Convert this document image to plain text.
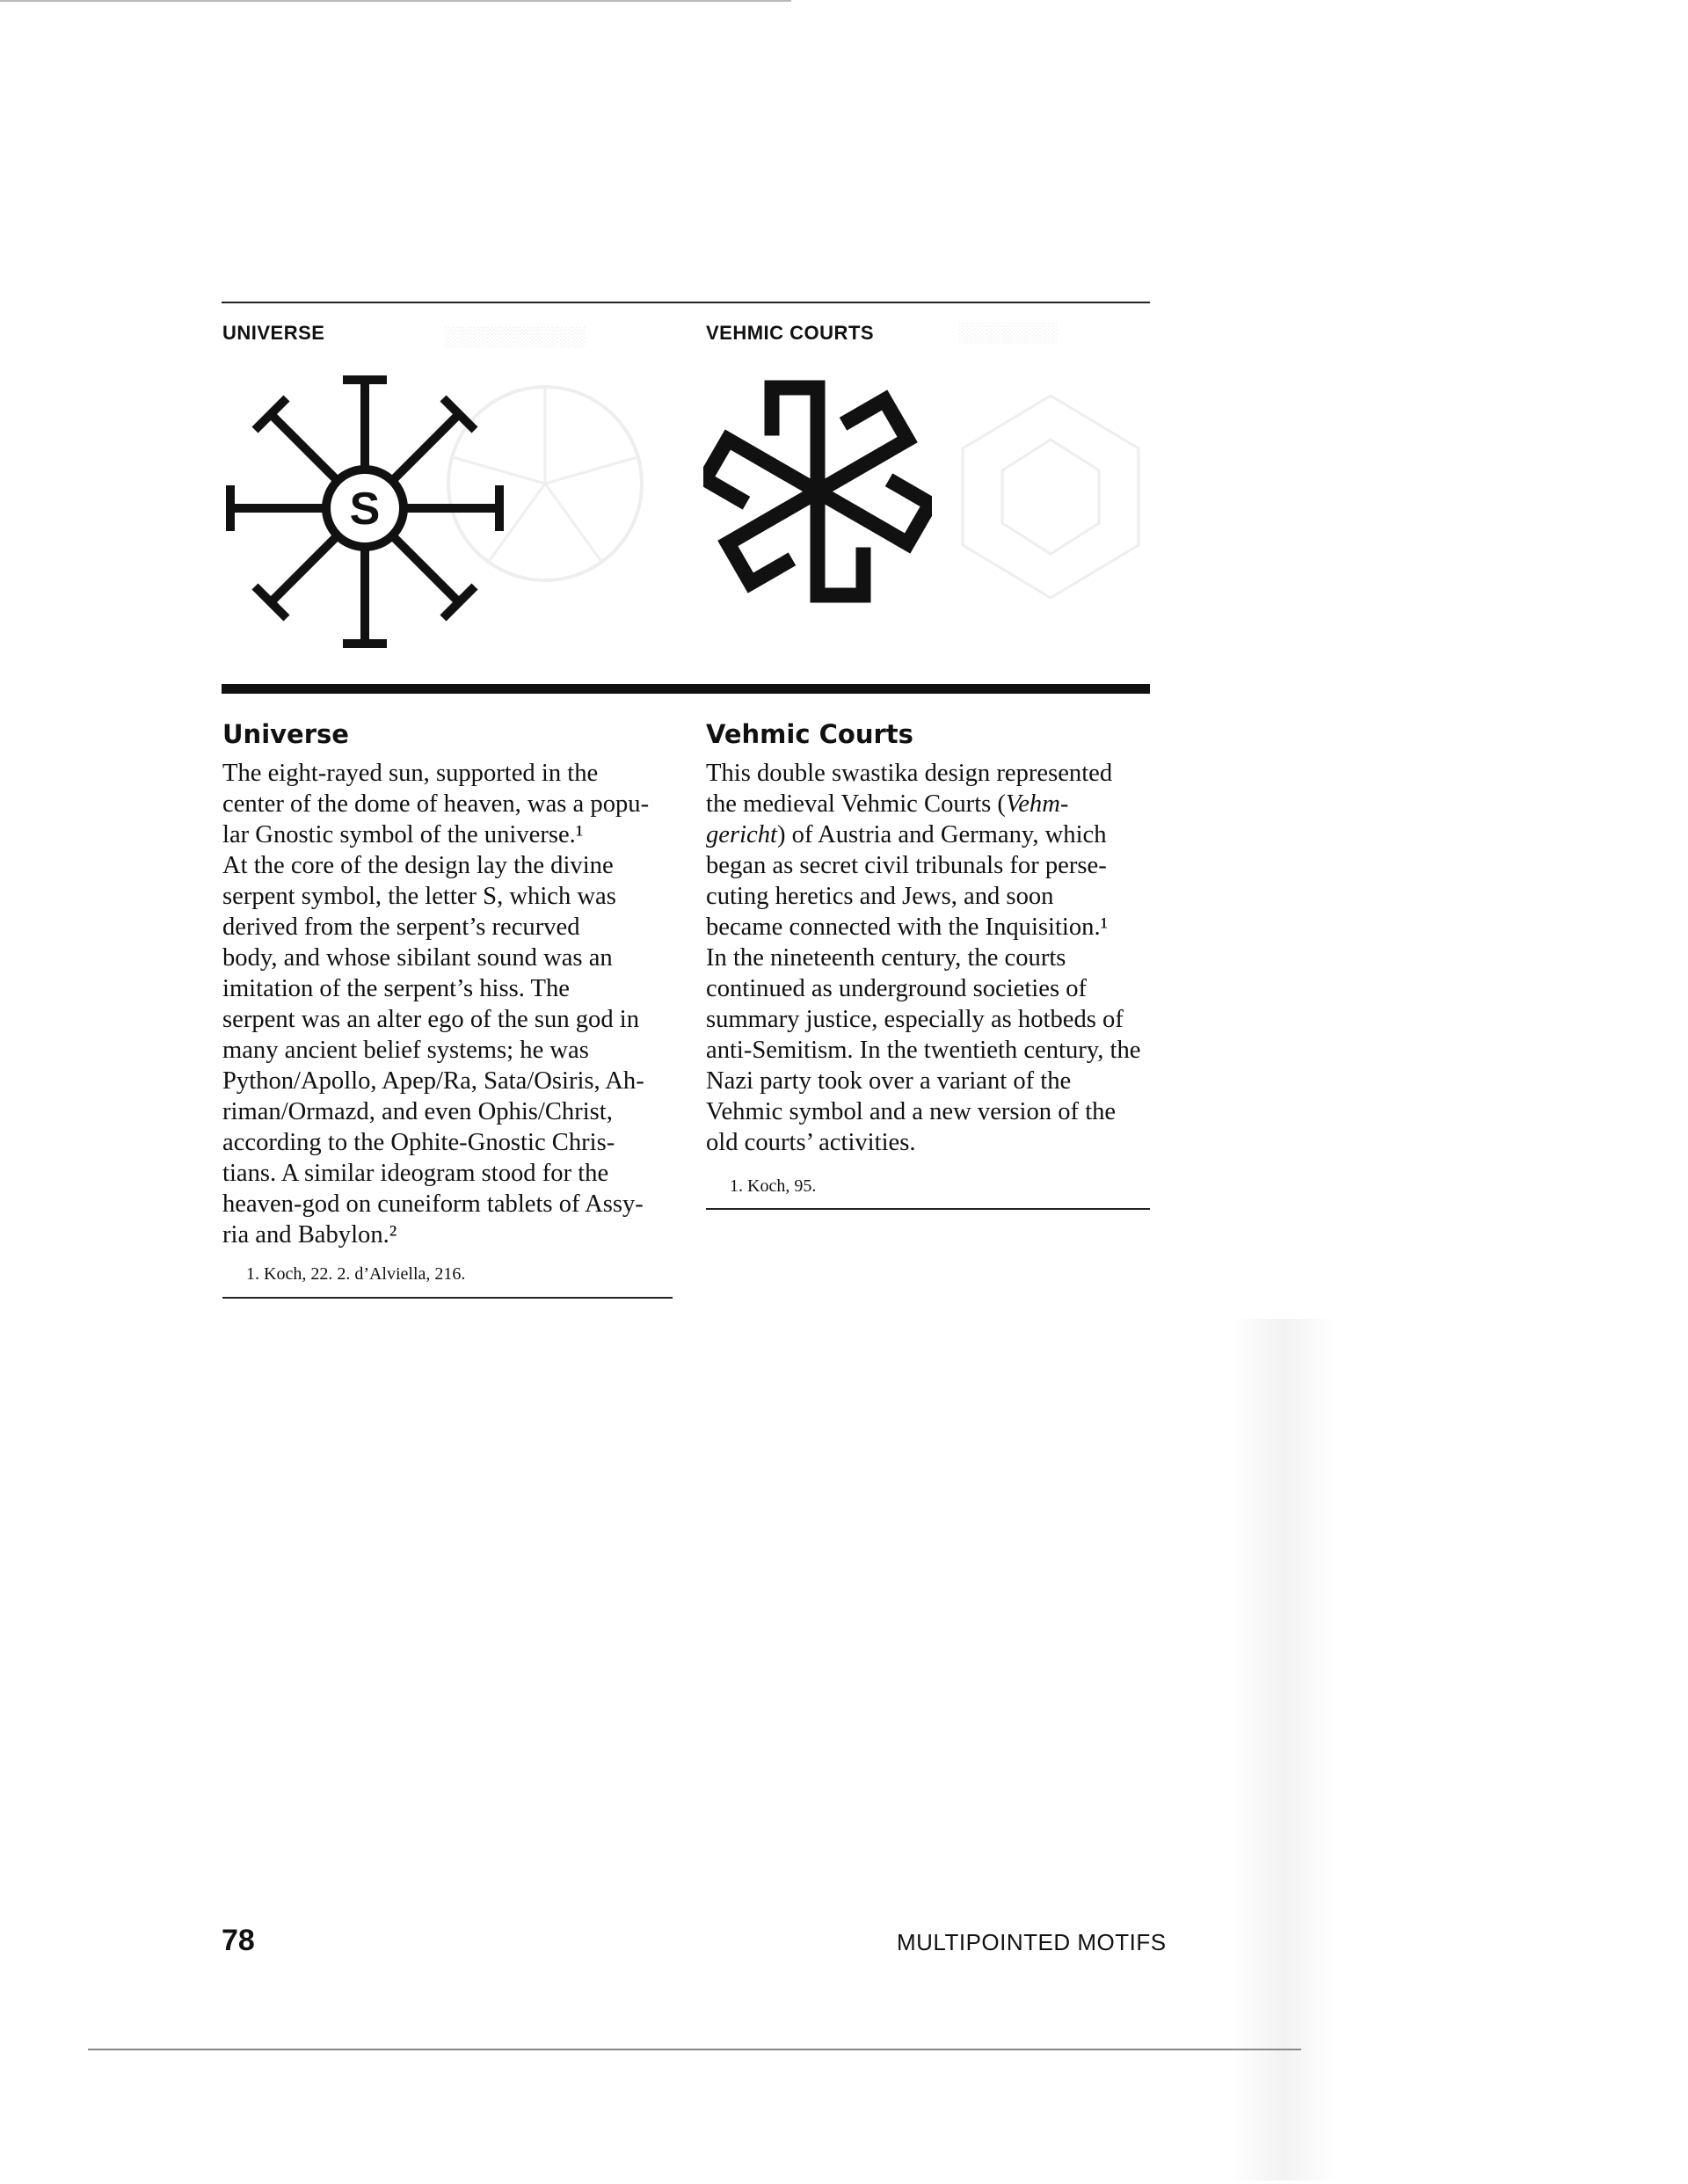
░░░░░░░░░░	░░░░░░░
UNIVERSE	VEHMIC COURTS
S
Universe	Vehmic Courts
The eight-rayed sun, supported in the
center of the dome of heaven, was a popu-
lar Gnostic symbol of the universe.¹
At the core of the design lay the divine
serpent symbol, the letter S, which was
derived from the serpent’s recurved
body, and whose sibilant sound was an
imitation of the serpent’s hiss. The
serpent was an alter ego of the sun god in
many ancient belief systems; he was
Python/Apollo, Apep/Ra, Sata/Osiris, Ah-
riman/Ormazd, and even Ophis/Christ,
according to the Ophite-Gnostic Chris-
tians. A similar ideogram stood for the
heaven-god on cuneiform tablets of Assy-
ria and Babylon.²
This double swastika design represented
the medieval Vehmic Courts (Vehm-
gericht) of Austria and Germany, which
began as secret civil tribunals for perse-
cuting heretics and Jews, and soon
became connected with the Inquisition.¹
In the nineteenth century, the courts
continued as underground societies of
summary justice, especially as hotbeds of
anti-Semitism. In the twentieth century, the
Nazi party took over a variant of the
Vehmic symbol and a new version of the
old courts’ activities.
1. Koch, 22. 2. d’Alviella, 216.
1. Koch, 95.
78	MULTIPOINTED MOTIFS
